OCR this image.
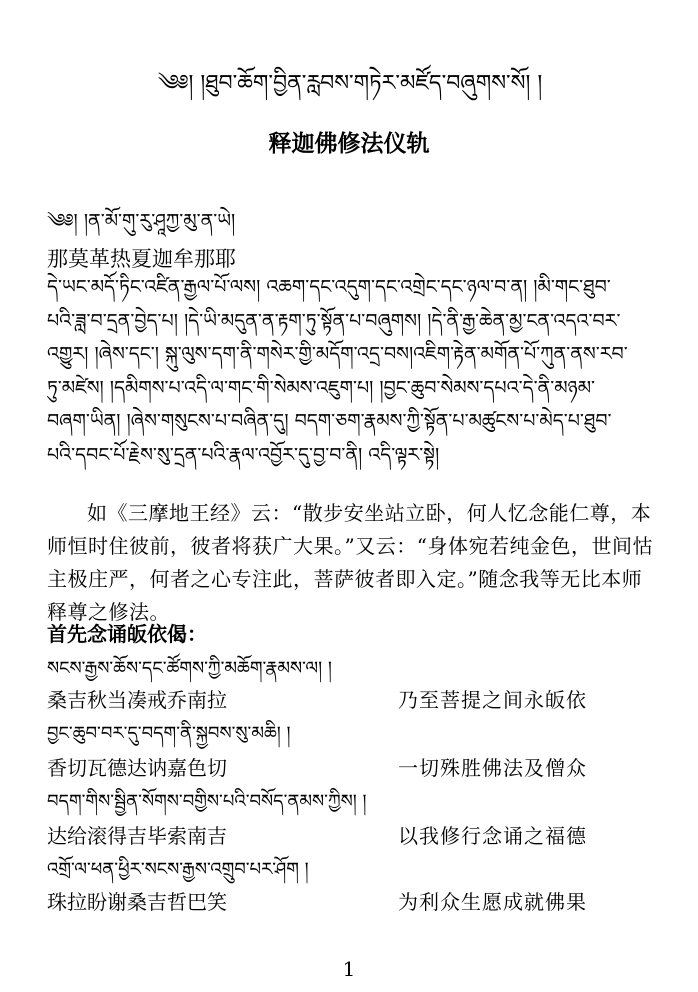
༄༅། །ཐུབ་ཆོག་བྱིན་རླབས་གཏེར་མཛོད་བཞུགས་སོ། །
释迦佛修法仪轨
༄༅། །ན་མོ་གུ་རུ་ཤཱཀྱ་མུ་ན་ཡེ།
那莫革热夏迦牟那耶
དེ་ཡང་མདོ་ཏིང་འཛིན་རྒྱལ་པོ་ལས། འཆག་དང་འདུག་དང་འགྲེང་དང་ཉལ་བ་ན། །མི་གང་ཐུབ་
པའི་ཟླ་བ་དྲན་བྱེད་པ། །དེ་ཡི་མདུན་ན་རྟག་ཏུ་སྟོན་པ་བཞུགས། །དེ་ནི་རྒྱ་ཆེན་མྱ་ངན་འདའ་བར་
འགྱུར། །ཞེས་དང་། སྐུ་ལུས་དག་ནི་གསེར་གྱི་མདོག་འདྲ་བས།འཇིག་རྟེན་མགོན་པོ་ཀུན་ནས་རབ་
ཏུ་མཛེས། །དམིགས་པ་འདི་ལ་གང་གི་སེམས་འཇུག་པ། །བྱང་ཆུབ་སེམས་དཔའ་དེ་ནི་མཉམ་
བཞག་ཡིན། །ཞེས་གསུངས་པ་བཞིན་དུ། བདག་ཅག་རྣམས་ཀྱི་སྟོན་པ་མཚུངས་པ་མེད་པ་ཐུབ་
པའི་དབང་པོ་རྗེས་སུ་དྲན་པའི་རྣལ་འབྱོར་དུ་བྱ་བ་ནི། འདི་ལྟར་སྟེ།
如《三摩地王经》云：“散步安坐站立卧，何人忆念能仁尊，本师恒时住彼前，彼者将获广大果。”又云：“身体宛若纯金色，世间怙主极庄严，何者之心专注此，菩萨彼者即入定。”随念我等无比本师释尊之修法。
首先念诵皈依偈：
སངས་རྒྱས་ཆོས་དང་ཚོགས་ཀྱི་མཆོག་རྣམས་ལ། །
桑吉秋当凑戒乔南拉	乃至菩提之间永皈依
བྱང་ཆུབ་བར་དུ་བདག་ནི་སྐྱབས་སུ་མཆི། །
香切瓦德达讷嘉色切	一切殊胜佛法及僧众
བདག་གིས་སྦྱིན་སོགས་བགྱིས་པའི་བསོད་ནམས་ཀྱིས། །
达给滚得吉毕索南吉	以我修行念诵之福德
འགྲོ་ལ་ཕན་ཕྱིར་སངས་རྒྱས་འགྲུབ་པར་ཤོག །
珠拉盼谢桑吉哲巴笑	为利众生愿成就佛果
1
